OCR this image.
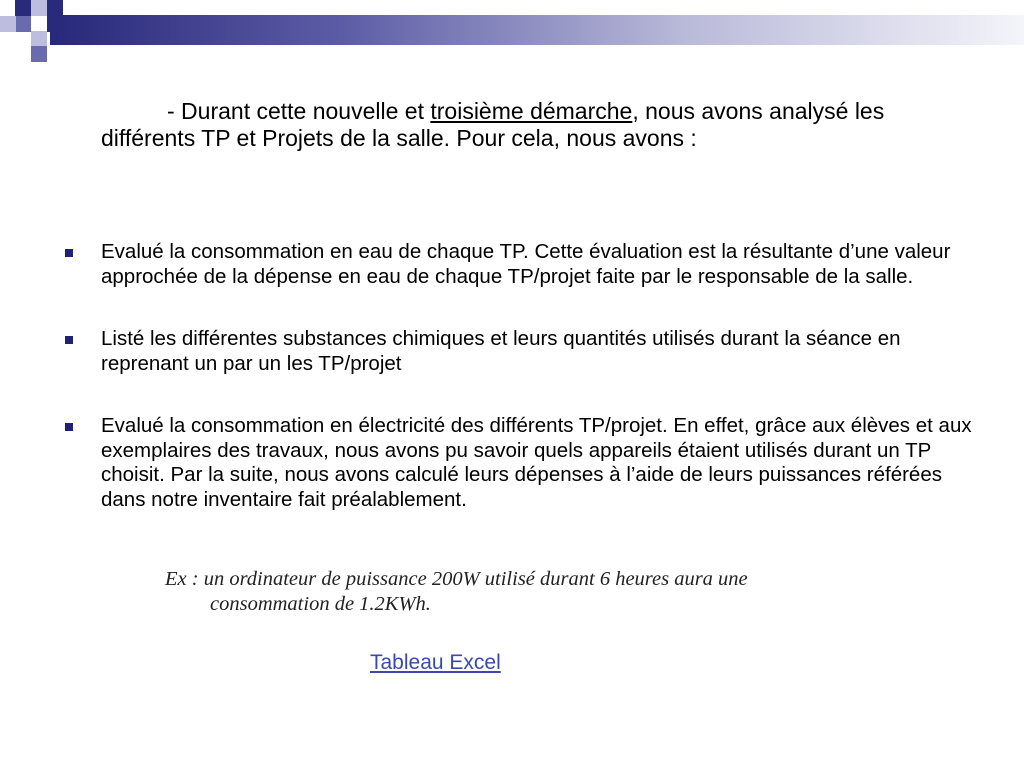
- Durant cette nouvelle et troisième démarche, nous avons analysé les différents TP et Projets de la salle. Pour cela, nous avons :
Evalué la consommation en eau de chaque TP. Cette évaluation est la résultante d’une valeur approchée de la dépense en eau de chaque TP/projet faite par le responsable de la salle.
Listé les différentes substances chimiques et leurs quantités utilisés durant la séance en reprenant un par un les TP/projet
Evalué la consommation en électricité des différents TP/projet. En effet, grâce aux élèves et aux exemplaires des travaux, nous avons pu savoir quels appareils étaient utilisés durant un TP choisit. Par la suite, nous avons calculé leurs dépenses à l’aide de leurs puissances référées dans notre inventaire fait préalablement.
Ex : un ordinateur de puissance 200W utilisé durant 6 heures aura une
consommation de 1.2KWh.
Tableau Excel
